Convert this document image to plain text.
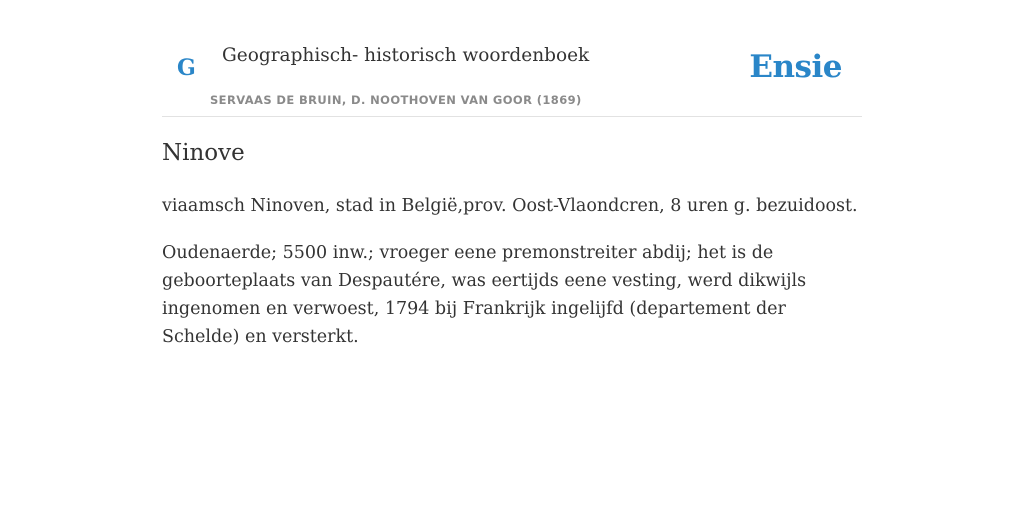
G Geographisch- historisch woordenboek
SERVAAS DE BRUIN, D. NOOTHOVEN VAN GOOR (1869)
Ensie
Ninove

viaamsch Ninoven, stad in België,prov. Oost-Vlaondcren, 8 uren g. bezuidoost.

Oudenaerde; 5500 inw.; vroeger eene premonstreiter abdij; het is de geboorteplaats van Despautére, was eertijds eene vesting, werd dikwijls ingenomen en verwoest, 1794 bij Frankrijk ingelijfd (departement der Schelde) en versterkt.
